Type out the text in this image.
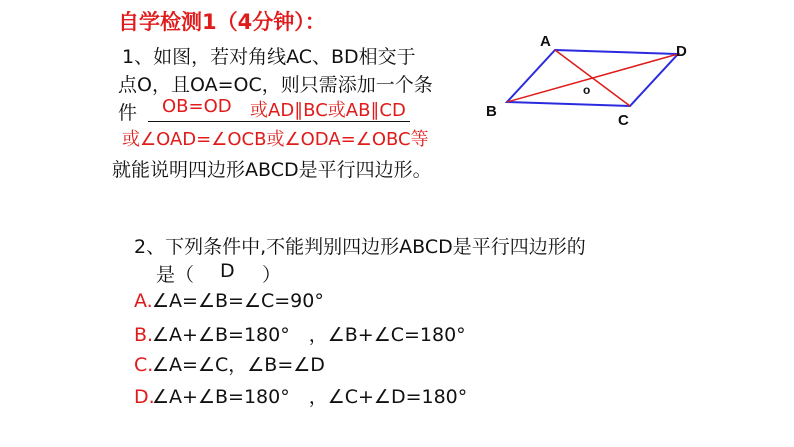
自学检测1（4分钟）：
1、如图，若对角线AC、BD相交于
点O，且OA=OC，则只需添加一个条
件 OB=OD 或AD∥BC或AB∥CD
或∠OAD=∠OCB或∠ODA=∠OBC等
就能说明四边形ABCD是平行四边形。
A
D
B
C
o
2、下列条件中,不能判别四边形ABCD是平行四边形的
是（ D ）
A.∠A=∠B=∠C=90°
B.∠A+∠B=180°　，∠B+∠C=180°
C.∠A=∠C，∠B=∠D
D.∠A+∠B=180°　，∠C+∠D=180°
